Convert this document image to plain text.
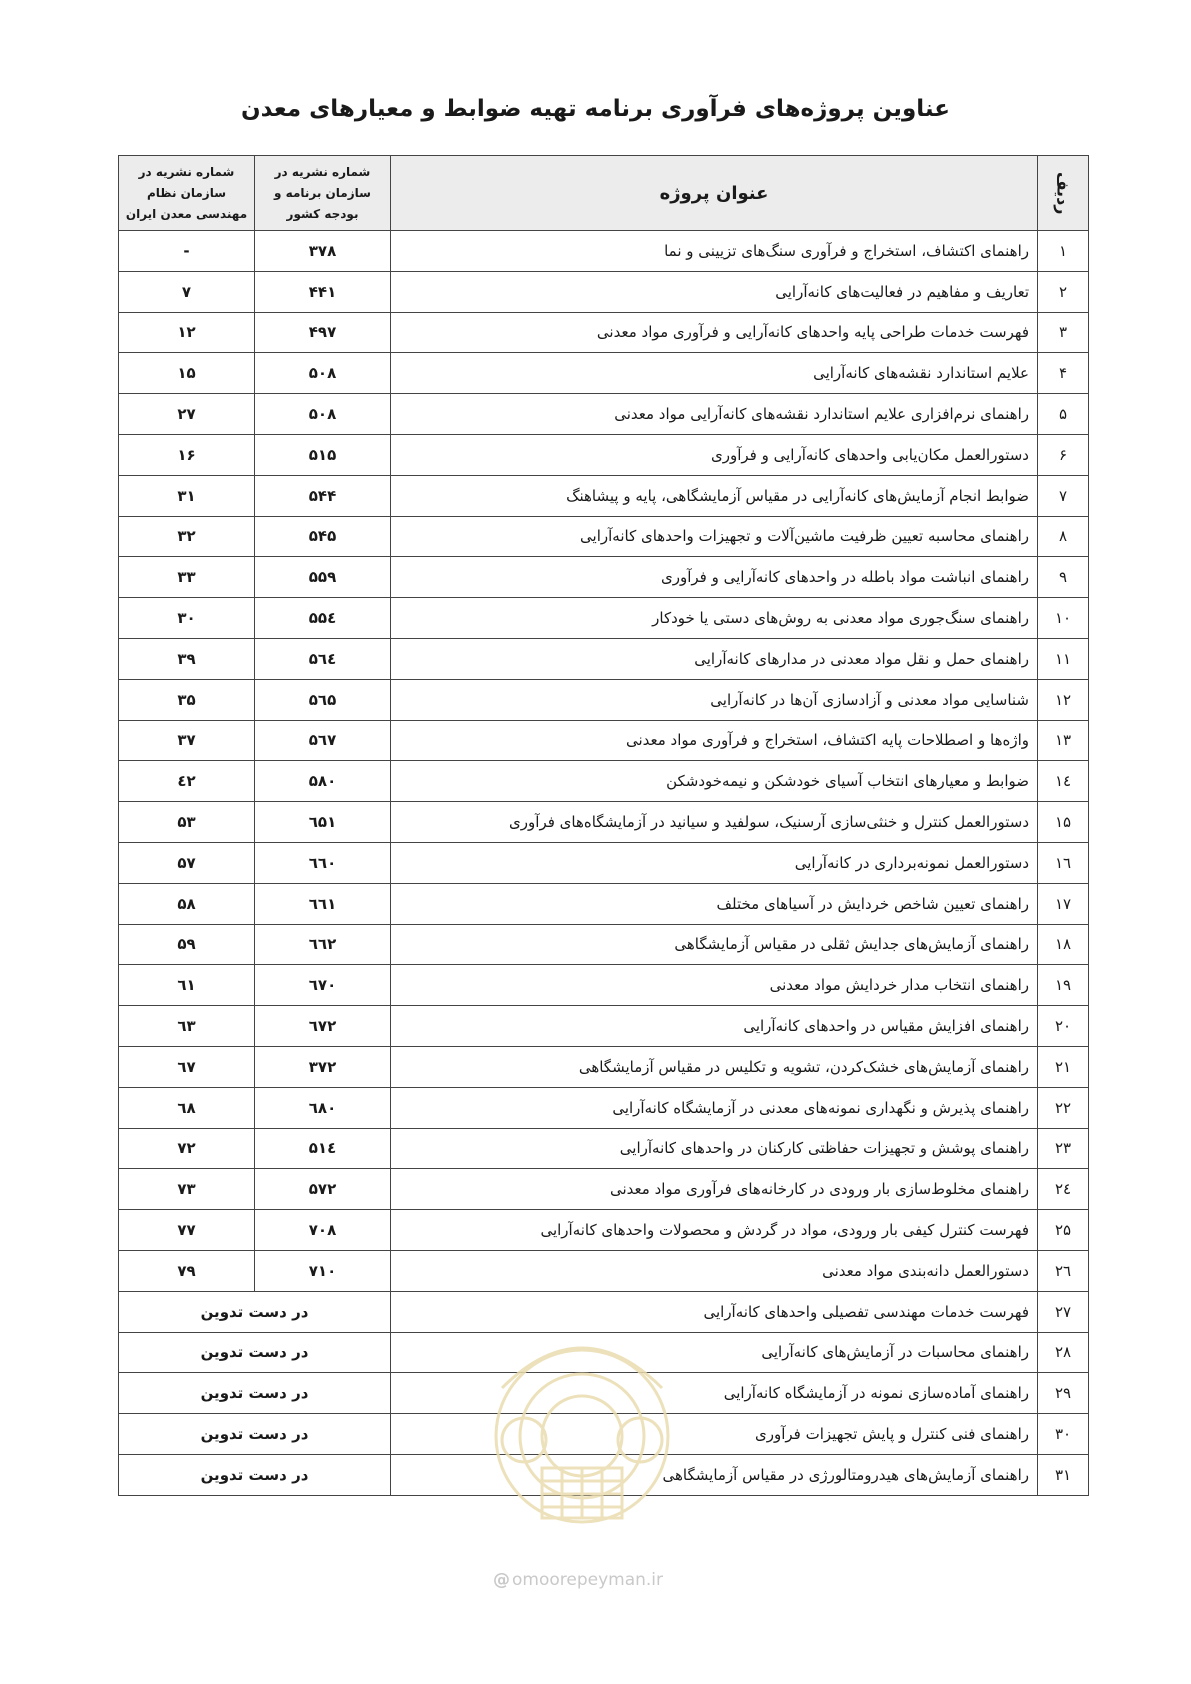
عناوین پروژه‌های فرآوری برنامه تهیه ضوابط و معیارهای معدن
ردیف	عنوان پروژه	شماره نشریه در سازمان برنامه و بودجه کشور	شماره نشریه در سازمان نظام مهندسی معدن ایران
۱	راهنمای اکتشاف، استخراج و فرآوری سنگ‌های تزیینی و نما	۳۷۸	-
۲	تعاریف و مفاهیم در فعالیت‌های کانه‌آرایی	۴۴۱	۷
۳	فهرست خدمات طراحی پایه واحدهای کانه‌آرایی و فرآوری مواد معدنی	۴۹۷	۱۲
۴	علایم استاندارد نقشه‌های کانه‌آرایی	۵۰۸	۱۵
۵	راهنمای نرم‌افزاری علایم استاندارد نقشه‌های کانه‌آرایی مواد معدنی	۵۰۸	۲۷
۶	دستورالعمل مکان‌یابی واحدهای کانه‌آرایی و فرآوری	۵۱۵	۱۶
۷	ضوابط انجام آزمایش‌های کانه‌آرایی در مقیاس آزمایشگاهی، پایه و پیشاهنگ	۵۴۴	۳۱
۸	راهنمای محاسبه تعیین ظرفیت ماشین‌آلات و تجهیزات واحدهای کانه‌آرایی	۵۴۵	۳۲
۹	راهنمای انباشت مواد باطله در واحدهای کانه‌آرایی و فرآوری	۵۵۹	۳۳
۱۰	راهنمای سنگ‌جوری مواد معدنی به روش‌های دستی یا خودکار	۵۵٤	۳۰
۱۱	راهنمای حمل و نقل مواد معدنی در مدارهای کانه‌آرایی	۵٦٤	۳۹
۱۲	شناسایی مواد معدنی و آزادسازی آن‌ها در کانه‌آرایی	۵٦۵	۳۵
۱۳	واژه‌ها و اصطلاحات پایه اکتشاف، استخراج و فرآوری مواد معدنی	۵٦۷	۳۷
۱٤	ضوابط و معیارهای انتخاب آسیای خودشکن و نیمه‌خودشکن	۵۸۰	٤۲
۱۵	دستورالعمل کنترل و خنثی‌سازی آرسنیک، سولفید و سیانید در آزمایشگاه‌های فرآوری	٦۵۱	۵۳
۱٦	دستورالعمل نمونه‌برداری در کانه‌آرایی	٦٦۰	۵۷
۱۷	راهنمای تعیین شاخص خردایش در آسیاهای مختلف	٦٦۱	۵۸
۱۸	راهنمای آزمایش‌های جدایش ثقلی در مقیاس آزمایشگاهی	٦٦۲	۵۹
۱۹	راهنمای انتخاب مدار خردایش مواد معدنی	٦۷۰	٦۱
۲۰	راهنمای افزایش مقیاس در واحدهای کانه‌آرایی	٦۷۲	٦۳
۲۱	راهنمای آزمایش‌های خشک‌کردن، تشویه و تکلیس در مقیاس آزمایشگاهی	۳۷۲	٦۷
۲۲	راهنمای پذیرش و نگهداری نمونه‌های معدنی در آزمایشگاه کانه‌آرایی	٦۸۰	٦۸
۲۳	راهنمای پوشش و تجهیزات حفاظتی کارکنان در واحدهای کانه‌آرایی	۵۱٤	۷۲
۲٤	راهنمای مخلوط‌سازی بار ورودی در کارخانه‌های فرآوری مواد معدنی	۵۷۲	۷۳
۲۵	فهرست کنترل کیفی بار ورودی، مواد در گردش و محصولات واحدهای کانه‌آرایی	۷۰۸	۷۷
۲٦	دستورالعمل دانه‌بندی مواد معدنی	۷۱۰	۷۹
۲۷	فهرست خدمات مهندسی تفصیلی واحدهای کانه‌آرایی	در دست تدوین	
۲۸	راهنمای محاسبات در آزمایش‌های کانه‌آرایی	در دست تدوین	
۲۹	راهنمای آماده‌سازی نمونه در آزمایشگاه کانه‌آرایی	در دست تدوین	
۳۰	راهنمای فنی کنترل و پایش تجهیزات فرآوری	در دست تدوین	
۳۱	راهنمای آزمایش‌های هیدرومتالورژی در مقیاس آزمایشگاهی	در دست تدوین	
@ omoorepeyman.ir
